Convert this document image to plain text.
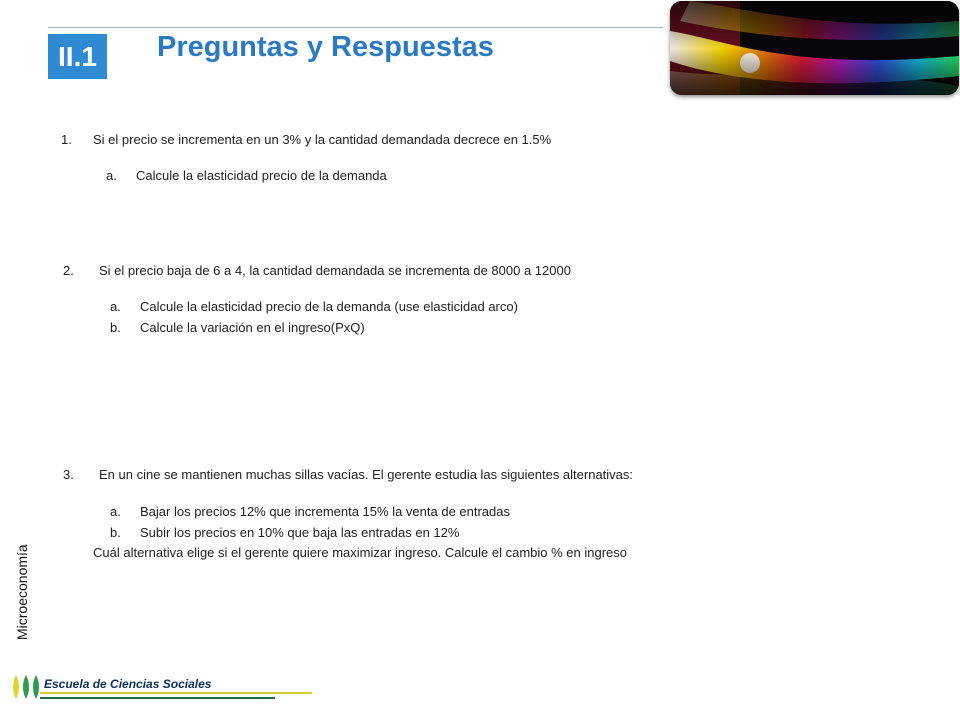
II.1	Preguntas y Respuestas
1. Si el precio se incrementa en un 3% y la cantidad demandada decrece en 1.5%
a. Calcule la elasticidad precio de la demanda
2. Si el precio baja de 6 a 4, la cantidad demandada se incrementa de 8000 a 12000
a. Calcule la elasticidad precio de la demanda (use elasticidad arco)
b. Calcule la variación en el ingreso(PxQ)
3. En un cine se mantienen muchas sillas vacías. El gerente estudia las siguientes alternativas:
a. Bajar los precios 12% que incrementa 15% la venta de entradas
b. Subir los precios en 10% que baja las entradas en 12%
Cuál alternativa elige si el gerente quiere maximizar ingreso. Calcule el cambio % en ingreso
Microeconomía
Escuela de Ciencias Sociales
